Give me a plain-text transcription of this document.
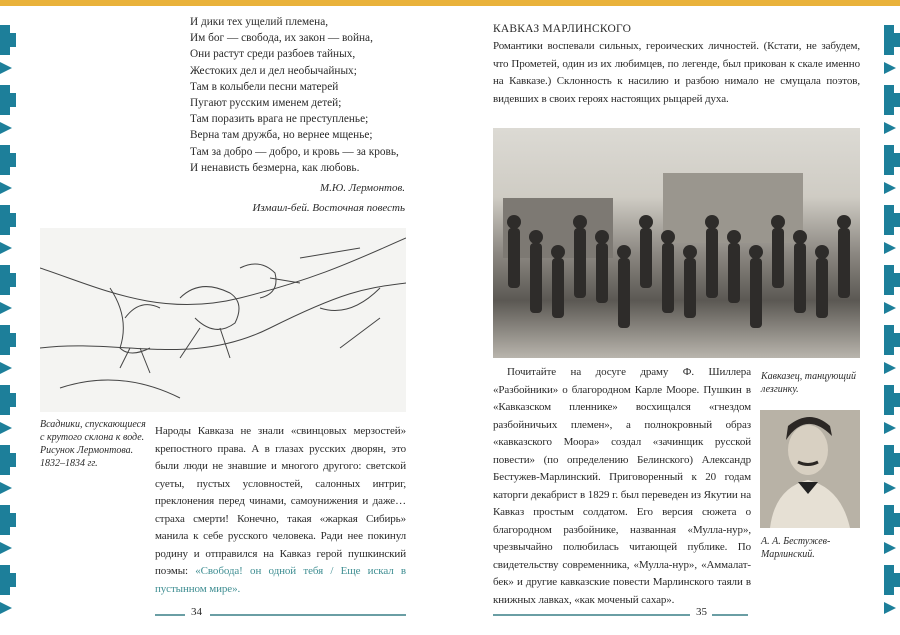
И дики тех ущелий племена,
Им бог — свобода, их закон — война,
Они растут среди разбоев тайных,
Жестоких дел и дел необычайных;
Там в колыбели песни матерей
Пугают русским именем детей;
Там поразить врага не преступленье;
Верна там дружба, но вернее мщенье;
Там за добро — добро, и кровь — за кровь,
И ненависть безмерна, как любовь.
М.Ю. Лермонтов.
Измаил-бей. Восточная повесть
Всадники, спускающиеся с крутого склона к воде. Рисунок Лермонтова. 1832–1834 гг.
Народы Кавказа не знали «свинцовых мерзостей» крепостного права. А в глазах русских дворян, это были люди не знавшие и многого другого: светской суеты, пустых условностей, салонных интриг, преклонения перед чинами, самоунижения и даже… страха смерти! Конечно, такая «жаркая Сибирь» манила к себе русского человека. Ради нее покинул родину и отправился на Кавказ герой пушкинский поэмы: «Свобода! он одной тебя / Еще искал в пустынном мире».
34
КАВКАЗ МАРЛИНСКОГО
Романтики воспевали сильных, героических личностей. (Кстати, не забудем, что Прометей, один из их любимцев, по легенде, был прикован к скале именно на Кавказе.) Склонность к насилию и разбою нимало не смущала поэтов, видевших в своих героях настоящих рыцарей духа.
Почитайте на досуге драму Ф. Шиллера «Разбойники» о благородном Карле Мооре. Пушкин в «Кавказском пленнике» восхищался «гнездом разбойничьих племен», а полнокровный образ «кавказского Моора» создал «зачинщик русской повести» (по определению Белинского) Александр Бестужев-Марлинский. Приговоренный к 20 годам каторги декабрист в 1829 г. был переведен из Якутии на Кавказ простым солдатом. Его версия сюжета о благородном разбойнике, названная «Мулла-нур», чрезвычайно полюбилась читающей публике. По свидетельству современника, «Мулла-нур», «Аммалат-бек» и другие кавказские повести Марлинского таяли в книжных лавках, «как моченый сахар».
Кавказец, танцующий лезгинку.
А. А. Бестужев-Марлинский.
35
